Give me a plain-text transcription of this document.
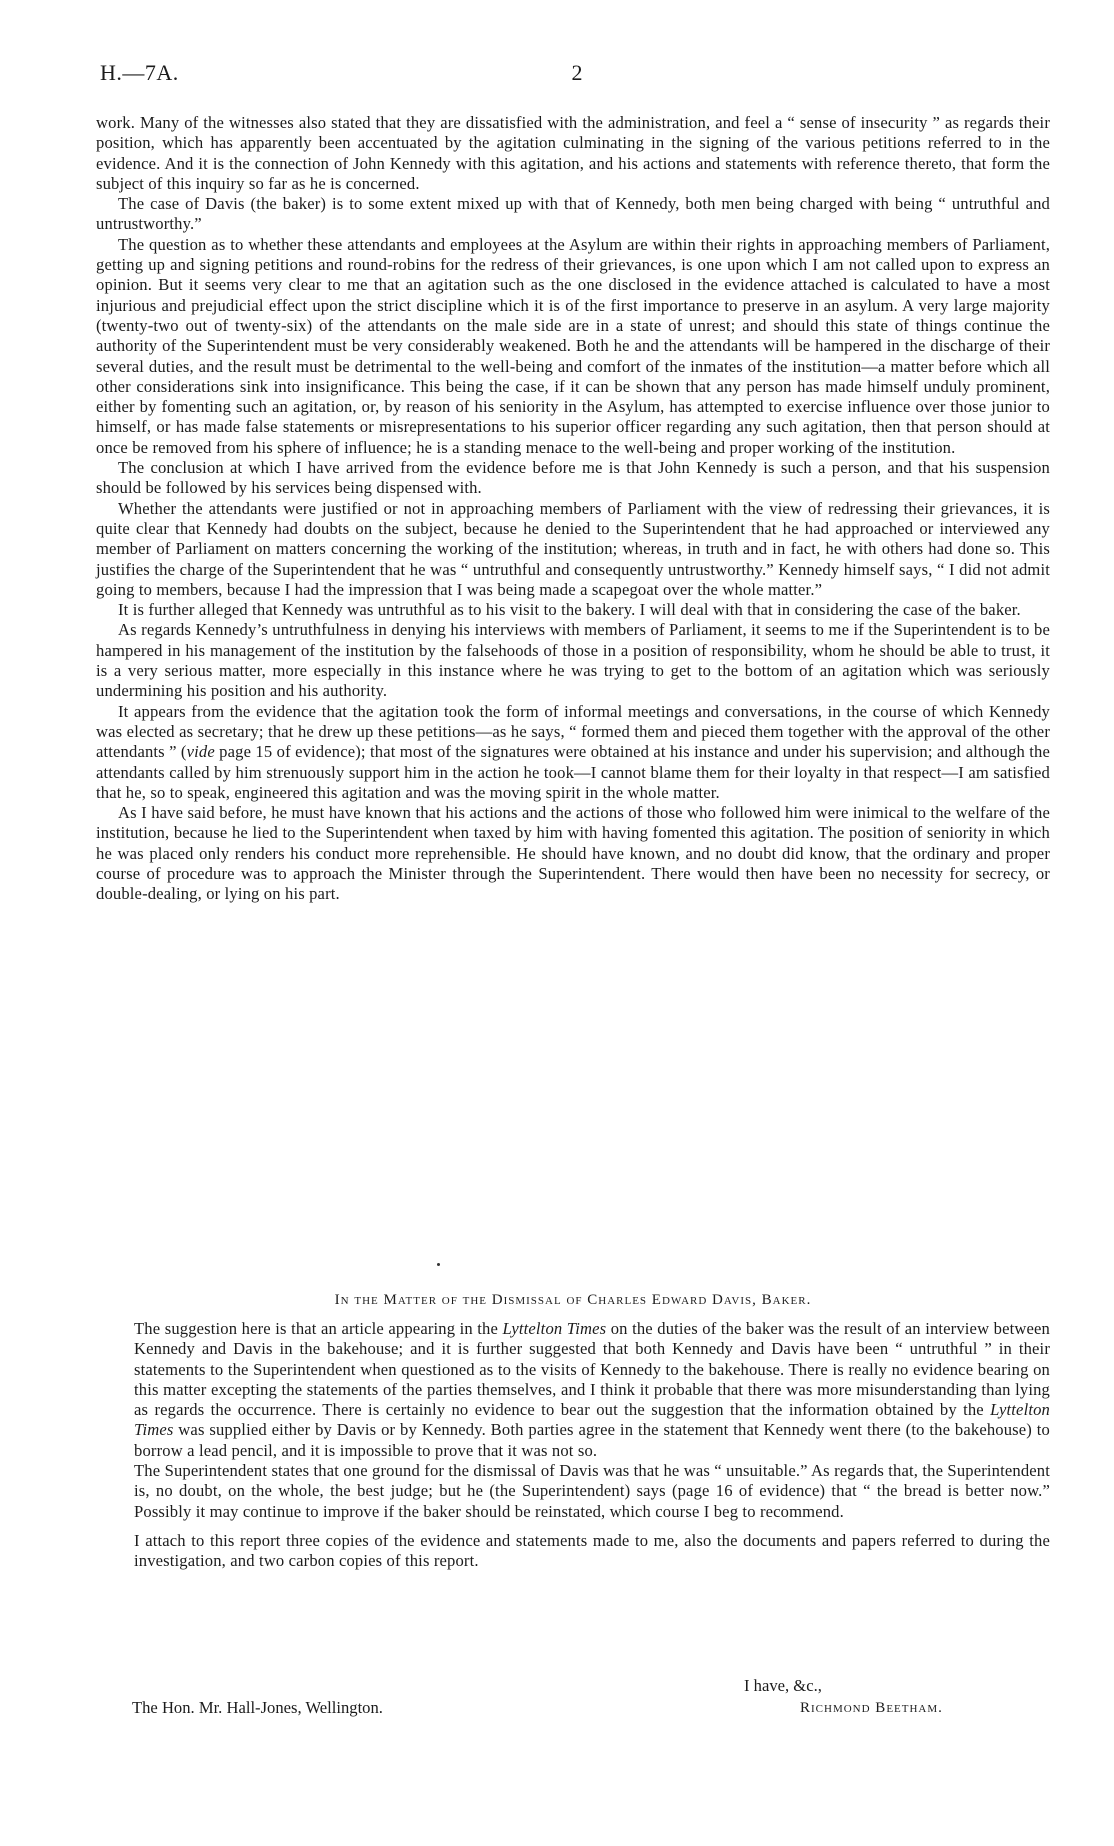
H.—7A.	2

work. Many of the witnesses also stated that they are dissatisfied with the administration, and feel a “ sense of insecurity ” as regards their position, which has apparently been accentuated by the agitation culminating in the signing of the various petitions referred to in the evidence. And it is the connection of John Kennedy with this agitation, and his actions and statements with reference thereto, that form the subject of this inquiry so far as he is concerned.

The case of Davis (the baker) is to some extent mixed up with that of Kennedy, both men being charged with being “ untruthful and untrustworthy.”

The question as to whether these attendants and employees at the Asylum are within their rights in approaching members of Parliament, getting up and signing petitions and round-robins for the redress of their grievances, is one upon which I am not called upon to express an opinion. But it seems very clear to me that an agitation such as the one disclosed in the evidence attached is calculated to have a most injurious and prejudicial effect upon the strict discipline which it is of the first importance to preserve in an asylum. A very large majority (twenty-two out of twenty-six) of the attendants on the male side are in a state of unrest; and should this state of things continue the authority of the Superintendent must be very considerably weakened. Both he and the attendants will be hampered in the discharge of their several duties, and the result must be detrimental to the well-being and comfort of the inmates of the institution—a matter before which all other considerations sink into insignificance. This being the case, if it can be shown that any person has made himself unduly prominent, either by fomenting such an agitation, or, by reason of his seniority in the Asylum, has attempted to exercise influence over those junior to himself, or has made false statements or misrepresentations to his superior officer regarding any such agitation, then that person should at once be removed from his sphere of influence; he is a standing menace to the well-being and proper working of the institution.

The conclusion at which I have arrived from the evidence before me is that John Kennedy is such a person, and that his suspension should be followed by his services being dispensed with.

Whether the attendants were justified or not in approaching members of Parliament with the view of redressing their grievances, it is quite clear that Kennedy had doubts on the subject, because he denied to the Superintendent that he had approached or interviewed any member of Parliament on matters concerning the working of the institution; whereas, in truth and in fact, he with others had done so. This justifies the charge of the Superintendent that he was “ untruthful and consequently untrustworthy.” Kennedy himself says, “ I did not admit going to members, because I had the impression that I was being made a scapegoat over the whole matter.”

It is further alleged that Kennedy was untruthful as to his visit to the bakery. I will deal with that in considering the case of the baker.

As regards Kennedy’s untruthfulness in denying his interviews with members of Parliament, it seems to me if the Superintendent is to be hampered in his management of the institution by the falsehoods of those in a position of responsibility, whom he should be able to trust, it is a very serious matter, more especially in this instance where he was trying to get to the bottom of an agitation which was seriously undermining his position and his authority.

It appears from the evidence that the agitation took the form of informal meetings and conversations, in the course of which Kennedy was elected as secretary; that he drew up these petitions—as he says, “ formed them and pieced them together with the approval of the other attendants ” (vide page 15 of evidence); that most of the signatures were obtained at his instance and under his supervision; and although the attendants called by him strenuously support him in the action he took—I cannot blame them for their loyalty in that respect—I am satisfied that he, so to speak, engineered this agitation and was the moving spirit in the whole matter.

As I have said before, he must have known that his actions and the actions of those who followed him were inimical to the welfare of the institution, because he lied to the Superintendent when taxed by him with having fomented this agitation. The position of seniority in which he was placed only renders his conduct more reprehensible. He should have known, and no doubt did know, that the ordinary and proper course of procedure was to approach the Minister through the Superintendent. There would then have been no necessity for secrecy, or double-dealing, or lying on his part.

In the Matter of the Dismissal of Charles Edward Davis, Baker.

The suggestion here is that an article appearing in the Lyttelton Times on the duties of the baker was the result of an interview between Kennedy and Davis in the bakehouse; and it is further suggested that both Kennedy and Davis have been “ untruthful ” in their statements to the Superintendent when questioned as to the visits of Kennedy to the bakehouse. There is really no evidence bearing on this matter excepting the statements of the parties themselves, and I think it probable that there was more misunderstanding than lying as regards the occurrence. There is certainly no evidence to bear out the suggestion that the information obtained by the Lyttelton Times was supplied either by Davis or by Kennedy. Both parties agree in the statement that Kennedy went there (to the bakehouse) to borrow a lead pencil, and it is impossible to prove that it was not so.

The Superintendent states that one ground for the dismissal of Davis was that he was “ unsuitable.” As regards that, the Superintendent is, no doubt, on the whole, the best judge; but he (the Superintendent) says (page 16 of evidence) that “ the bread is better now.” Possibly it may continue to improve if the baker should be reinstated, which course I beg to recommend.

I attach to this report three copies of the evidence and statements made to me, also the documents and papers referred to during the investigation, and two carbon copies of this report.

I have, &c.,
The Hon. Mr. Hall-Jones, Wellington.	Richmond Beetham.
